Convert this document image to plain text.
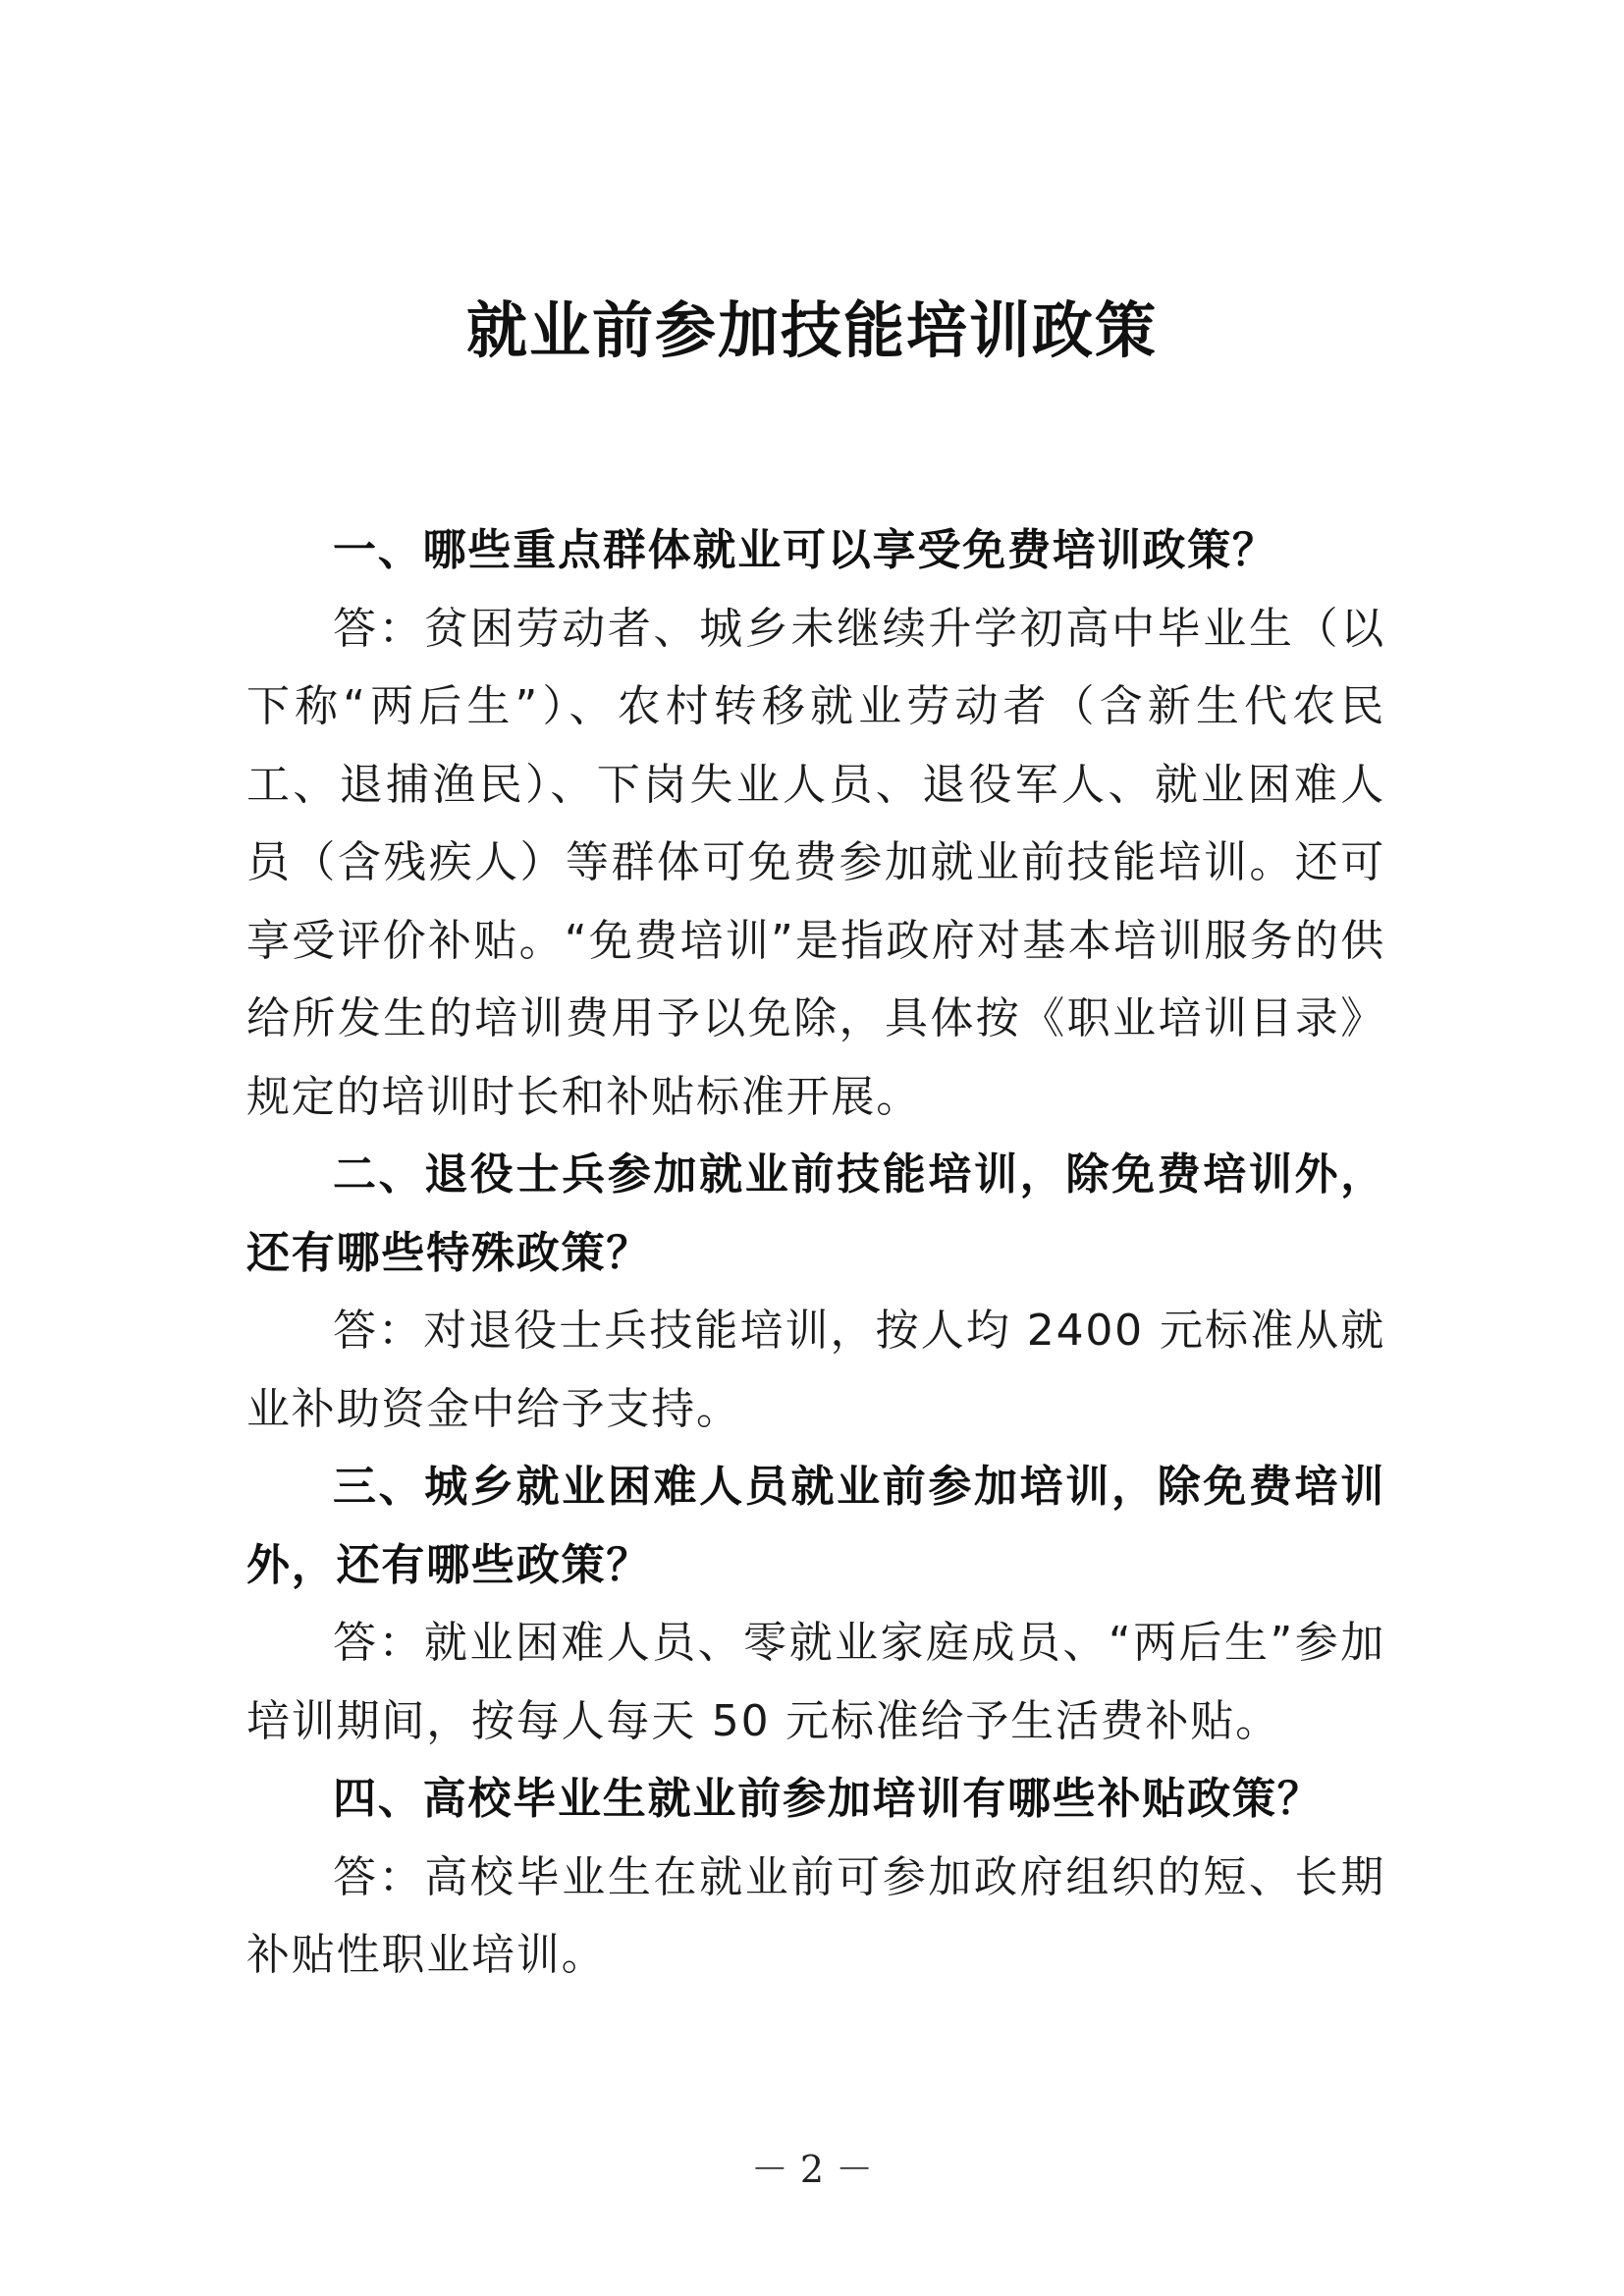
就业前参加技能培训政策

一、哪些重点群体就业可以享受免费培训政策？

答：贫困劳动者、城乡未继续升学初高中毕业生（以下称“两后生”）、农村转移就业劳动者（含新生代农民工、退捕渔民）、下岗失业人员、退役军人、就业困难人员（含残疾人）等群体可免费参加就业前技能培训。还可享受评价补贴。“免费培训”是指政府对基本培训服务的供给所发生的培训费用予以免除，具体按《职业培训目录》规定的培训时长和补贴标准开展。

二、退役士兵参加就业前技能培训，除免费培训外，还有哪些特殊政策？

答：对退役士兵技能培训，按人均 2400 元标准从就业补助资金中给予支持。

三、城乡就业困难人员就业前参加培训，除免费培训外，还有哪些政策？

答：就业困难人员、零就业家庭成员、“两后生”参加培训期间，按每人每天 50 元标准给予生活费补贴。

四、高校毕业生就业前参加培训有哪些补贴政策？

答：高校毕业生在就业前可参加政府组织的短、长期补贴性职业培训。

－ 2 －
